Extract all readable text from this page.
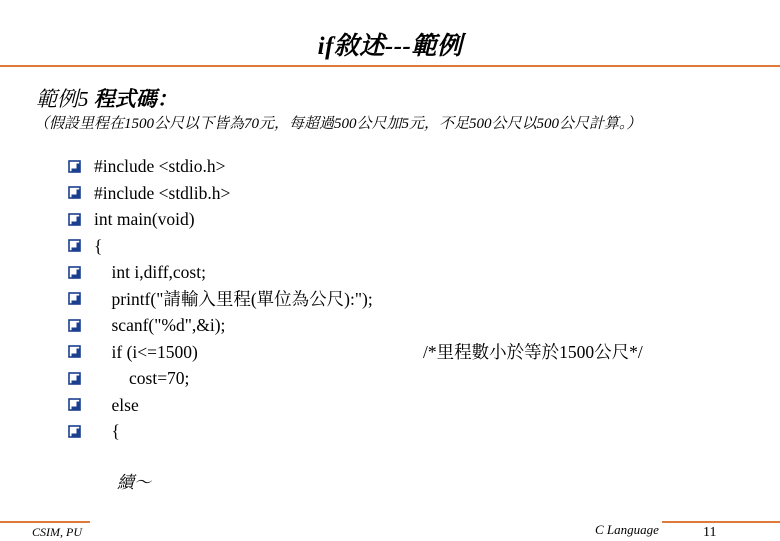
if敘述---範例
範例5 程式碼：
（假設里程在1500公尺以下皆為70元，每超過500公尺加5元，不足500公尺以500公尺計算。）
#include <stdio.h>
#include <stdlib.h>
int main(void)
{
int i,diff,cost;
printf("請輸入里程(單位為公尺):");
scanf("%d",&i);
if (i<=1500)	/*里程數小於等於1500公尺*/
cost=70;
else
{
續～
CSIM, PU	C Language	11
